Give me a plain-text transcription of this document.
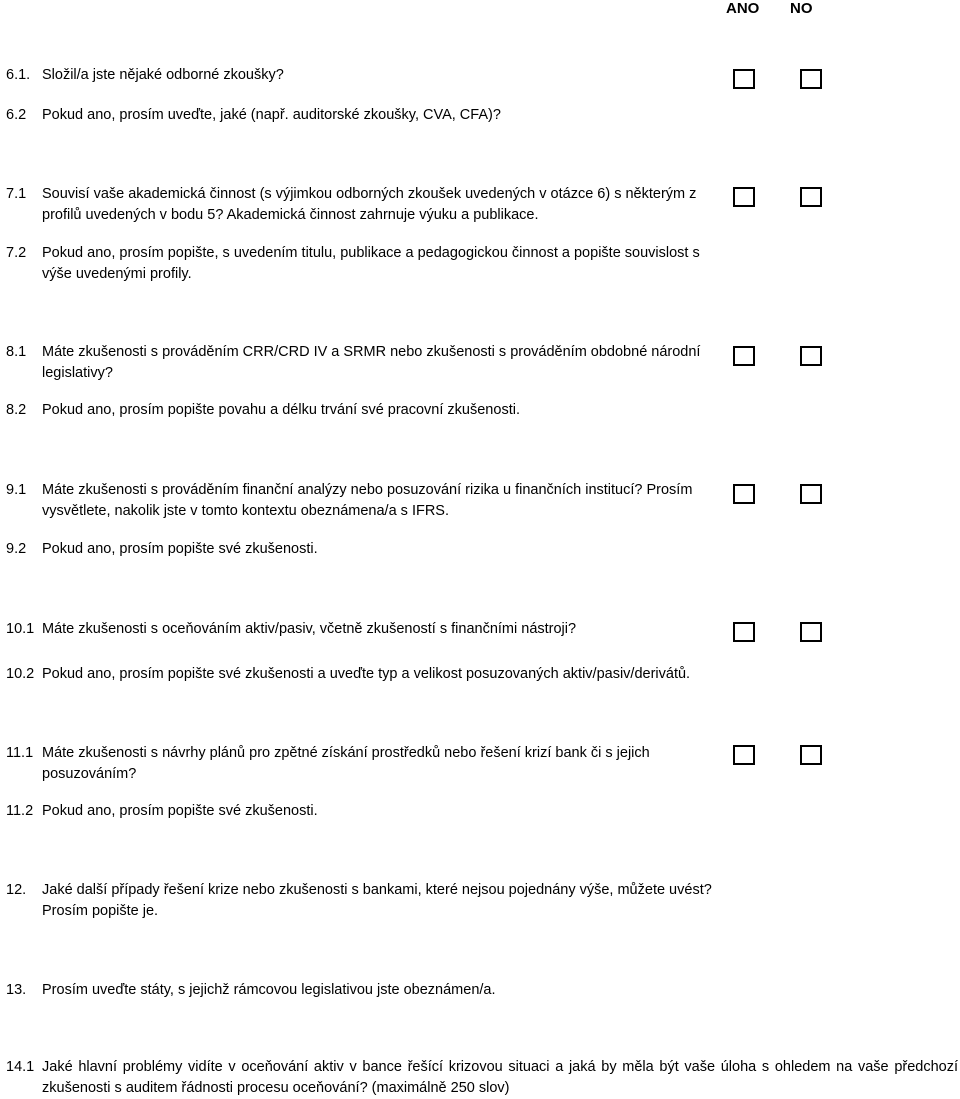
ANO NO
6.1. Složil/a jste nějaké odborné zkoušky?
6.2 Pokud ano, prosím uveďte, jaké (např. auditorské zkoušky, CVA, CFA)?
7.1 Souvisí vaše akademická činnost (s výjimkou odborných zkoušek uvedených v otázce 6) s některým z profilů uvedených v bodu 5? Akademická činnost zahrnuje výuku a publikace.
7.2 Pokud ano, prosím popište, s uvedením titulu, publikace a pedagogickou činnost a popište souvislost s výše uvedenými profily.
8.1 Máte zkušenosti s prováděním CRR/CRD IV a SRMR nebo zkušenosti s prováděním obdobné národní legislativy?
8.2 Pokud ano, prosím popište povahu a délku trvání své pracovní zkušenosti.
9.1 Máte zkušenosti s prováděním finanční analýzy nebo posuzování rizika u finančních institucí? Prosím vysvětlete, nakolik jste v tomto kontextu obeznámena/a s IFRS.
9.2 Pokud ano, prosím popište své zkušenosti.
10.1 Máte zkušenosti s oceňováním aktiv/pasiv, včetně zkušeností s finančními nástroji?
10.2 Pokud ano, prosím popište své zkušenosti a uveďte typ a velikost posuzovaných aktiv/pasiv/derivátů.
11.1 Máte zkušenosti s návrhy plánů pro zpětné získání prostředků nebo řešení krizí bank či s jejich posuzováním?
11.2 Pokud ano, prosím popište své zkušenosti.
12. Jaké další případy řešení krize nebo zkušenosti s bankami, které nejsou pojednány výše, můžete uvést? Prosím popište je.
13. Prosím uveďte státy, s jejichž rámcovou legislativou jste obeznámen/a.
14.1 Jaké hlavní problémy vidíte v oceňování aktiv v bance řešící krizovou situaci a jaká by měla být vaše úloha s ohledem na vaše předchozí zkušenosti s auditem řádnosti procesu oceňování? (maximálně 250 slov)
